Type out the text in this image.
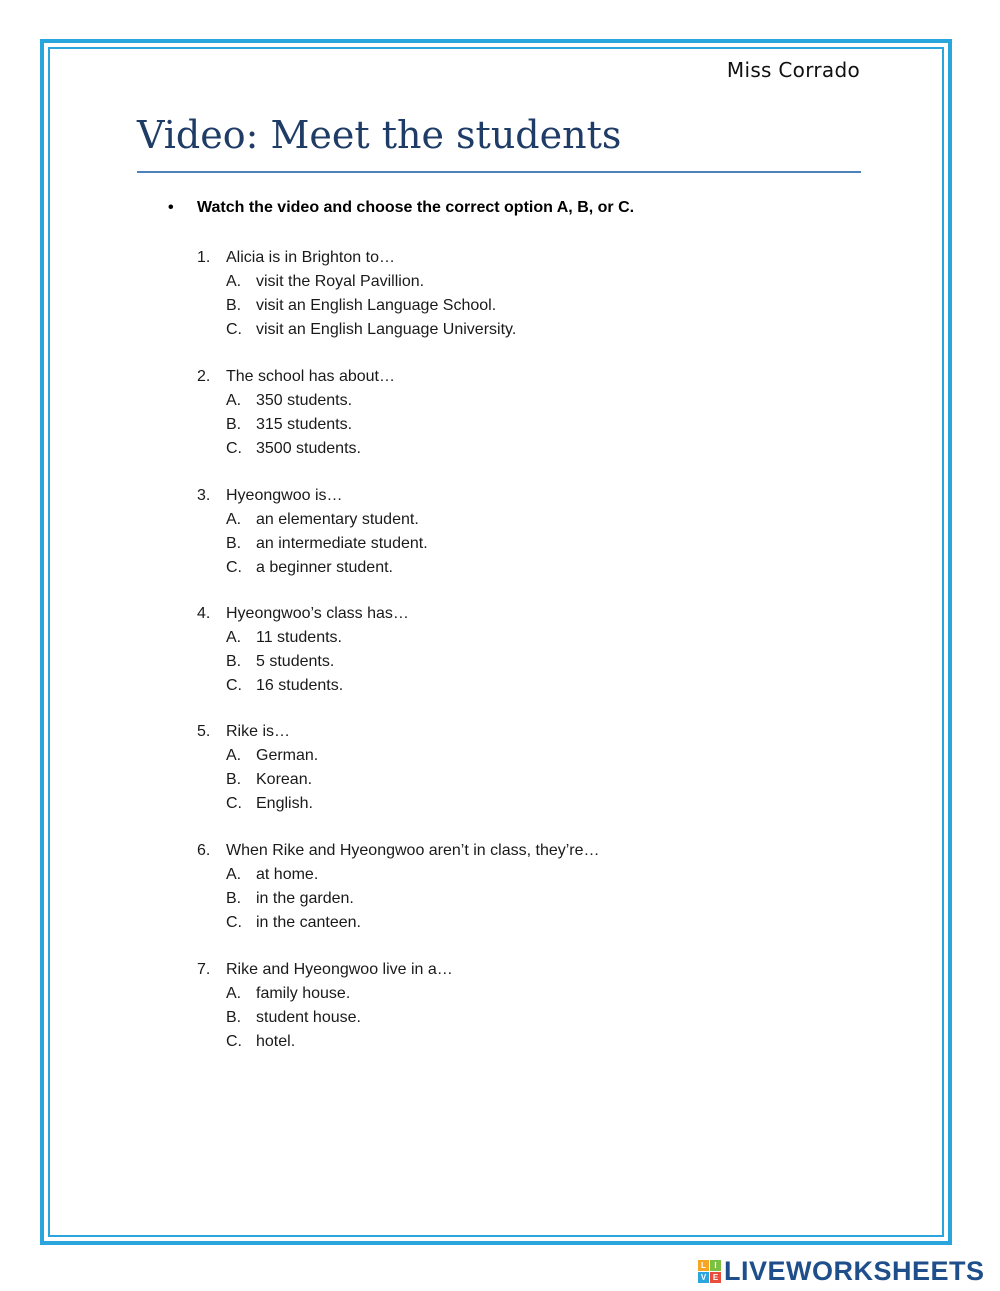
Miss Corrado
Video: Meet the students
• Watch the video and choose the correct option A, B, or C.
1. Alicia is in Brighton to…
A. visit the Royal Pavillion.
B. visit an English Language School.
C. visit an English Language University.
2. The school has about…
A. 350 students.
B. 315 students.
C. 3500 students.
3. Hyeongwoo is…
A. an elementary student.
B. an intermediate student.
C. a beginner student.
4. Hyeongwoo’s class has…
A. 11 students.
B. 5 students.
C. 16 students.
5. Rike is…
A. German.
B. Korean.
C. English.
6. When Rike and Hyeongwoo aren’t in class, they’re…
A. at home.
B. in the garden.
C. in the canteen.
7. Rike and Hyeongwoo live in a…
A. family house.
B. student house.
C. hotel.
L	I
V E LIVEWORKSHEETS
